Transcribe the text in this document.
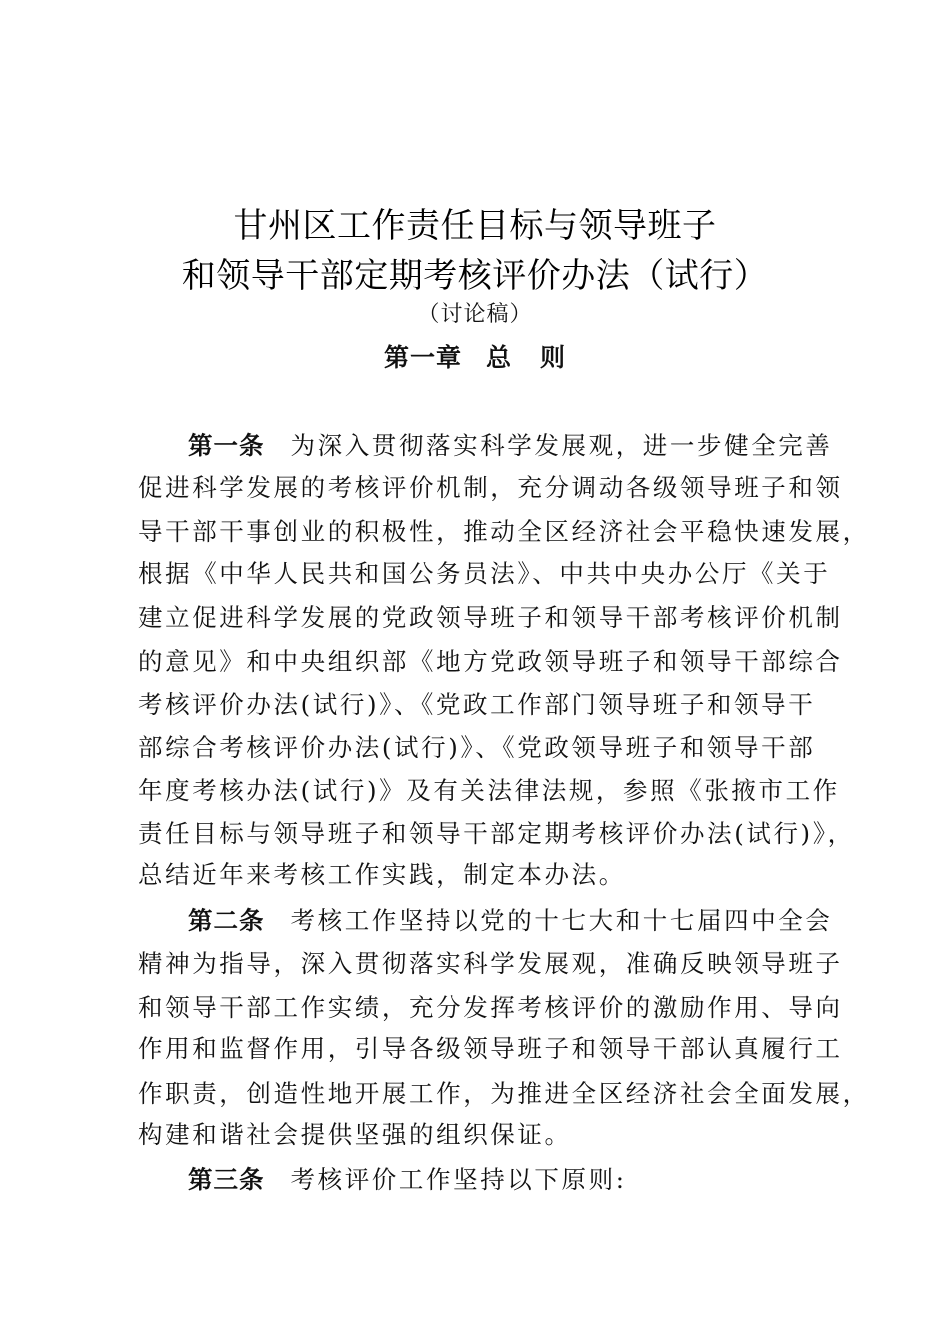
甘州区工作责任目标与领导班子
和领导干部定期考核评价办法（试行）
（讨论稿）
第一章 总 则
第一条 为深入贯彻落实科学发展观，进一步健全完善
促进科学发展的考核评价机制，充分调动各级领导班子和领
导干部干事创业的积极性，推动全区经济社会平稳快速发展，
根据《中华人民共和国公务员法》、中共中央办公厅《关于
建立促进科学发展的党政领导班子和领导干部考核评价机制
的意见》和中央组织部《地方党政领导班子和领导干部综合
考核评价办法(试行)》、《党政工作部门领导班子和领导干
部综合考核评价办法(试行)》、《党政领导班子和领导干部
年度考核办法(试行)》及有关法律法规，参照《张掖市工作
责任目标与领导班子和领导干部定期考核评价办法(试行)》，
总结近年来考核工作实践，制定本办法。
第二条 考核工作坚持以党的十七大和十七届四中全会
精神为指导，深入贯彻落实科学发展观，准确反映领导班子
和领导干部工作实绩，充分发挥考核评价的激励作用、导向
作用和监督作用，引导各级领导班子和领导干部认真履行工
作职责，创造性地开展工作，为推进全区经济社会全面发展，
构建和谐社会提供坚强的组织保证。
第三条 考核评价工作坚持以下原则:
